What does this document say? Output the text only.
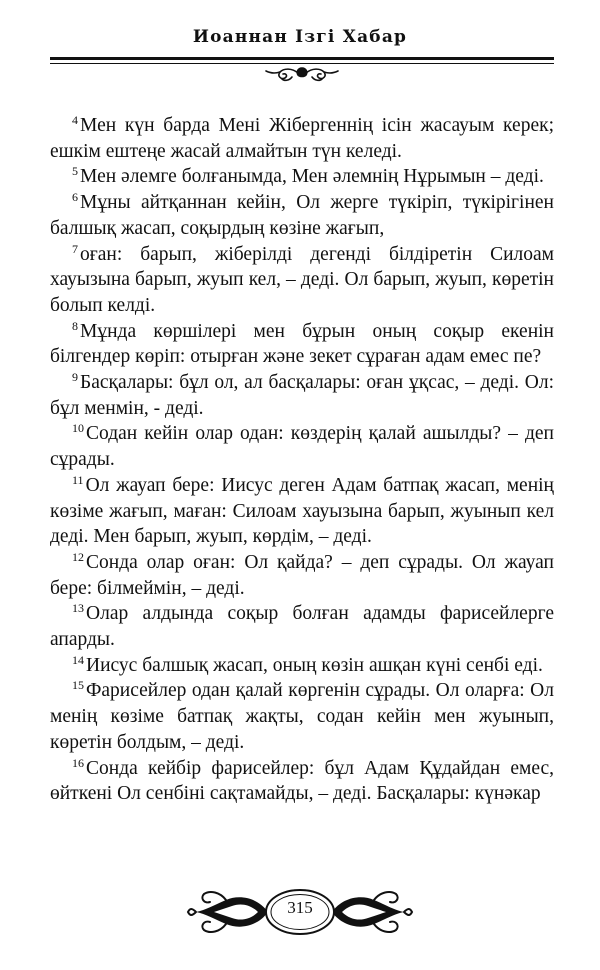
Иоаннан Ізгі Хабар

$^4$ Мен күн барда Мені Жібергеннің ісін жасауым керек; ешкім ештеңе жасай алмайтын түн келеді.

$^5$ Мен әлемге болғанымда, Мен әлемнің Нұрымын – деді.

$^6$ Мұны айтқаннан кейін, Ол жерге түкіріп, түкірігінен балшық жасап, соқырдың көзіне жағып,

$^7$ оған: барып, жіберілді дегенді білдіретін Силоам хауызына барып, жуып кел, – деді. Ол барып, жуып, көретін болып келді.

$^8$ Мұнда көршілері мен бұрын оның соқыр екенін білгендер көріп: отырған және зекет сұраған адам емес пе?

$^9$ Басқалары: бұл ол, ал басқалары: оған ұқсас, – деді. Ол: бұл менмін, - деді.

$^{10}$ Содан кейін олар одан: көздерің қалай ашылды? – деп сұрады.

$^{11}$ Ол жауап бере: Иисус деген Адам батпақ жасап, менің көзіме жағып, маған: Силоам хауызына барып, жуынып кел деді. Мен барып, жуып, көрдім, – деді.

$^{12}$ Сонда олар оған: Ол қайда? – деп сұрады. Ол жауап бере: білмеймін, – деді.

$^{13}$ Олар алдында соқыр болған адамды фарисейлерге апарды.

$^{14}$ Иисус балшық жасап, оның көзін ашқан күні сенбі еді.

$^{15}$ Фарисейлер одан қалай көргенін сұрады. Ол оларға: Ол менің көзіме батпақ жақты, содан кейін мен жуынып, көретін болдым, – деді.

$^{16}$ Сонда кейбір фарисейлер: бұл Адам Құдайдан емес, өйткені Ол сенбіні сақтамайды, – деді. Басқалары: күнәкар

315
